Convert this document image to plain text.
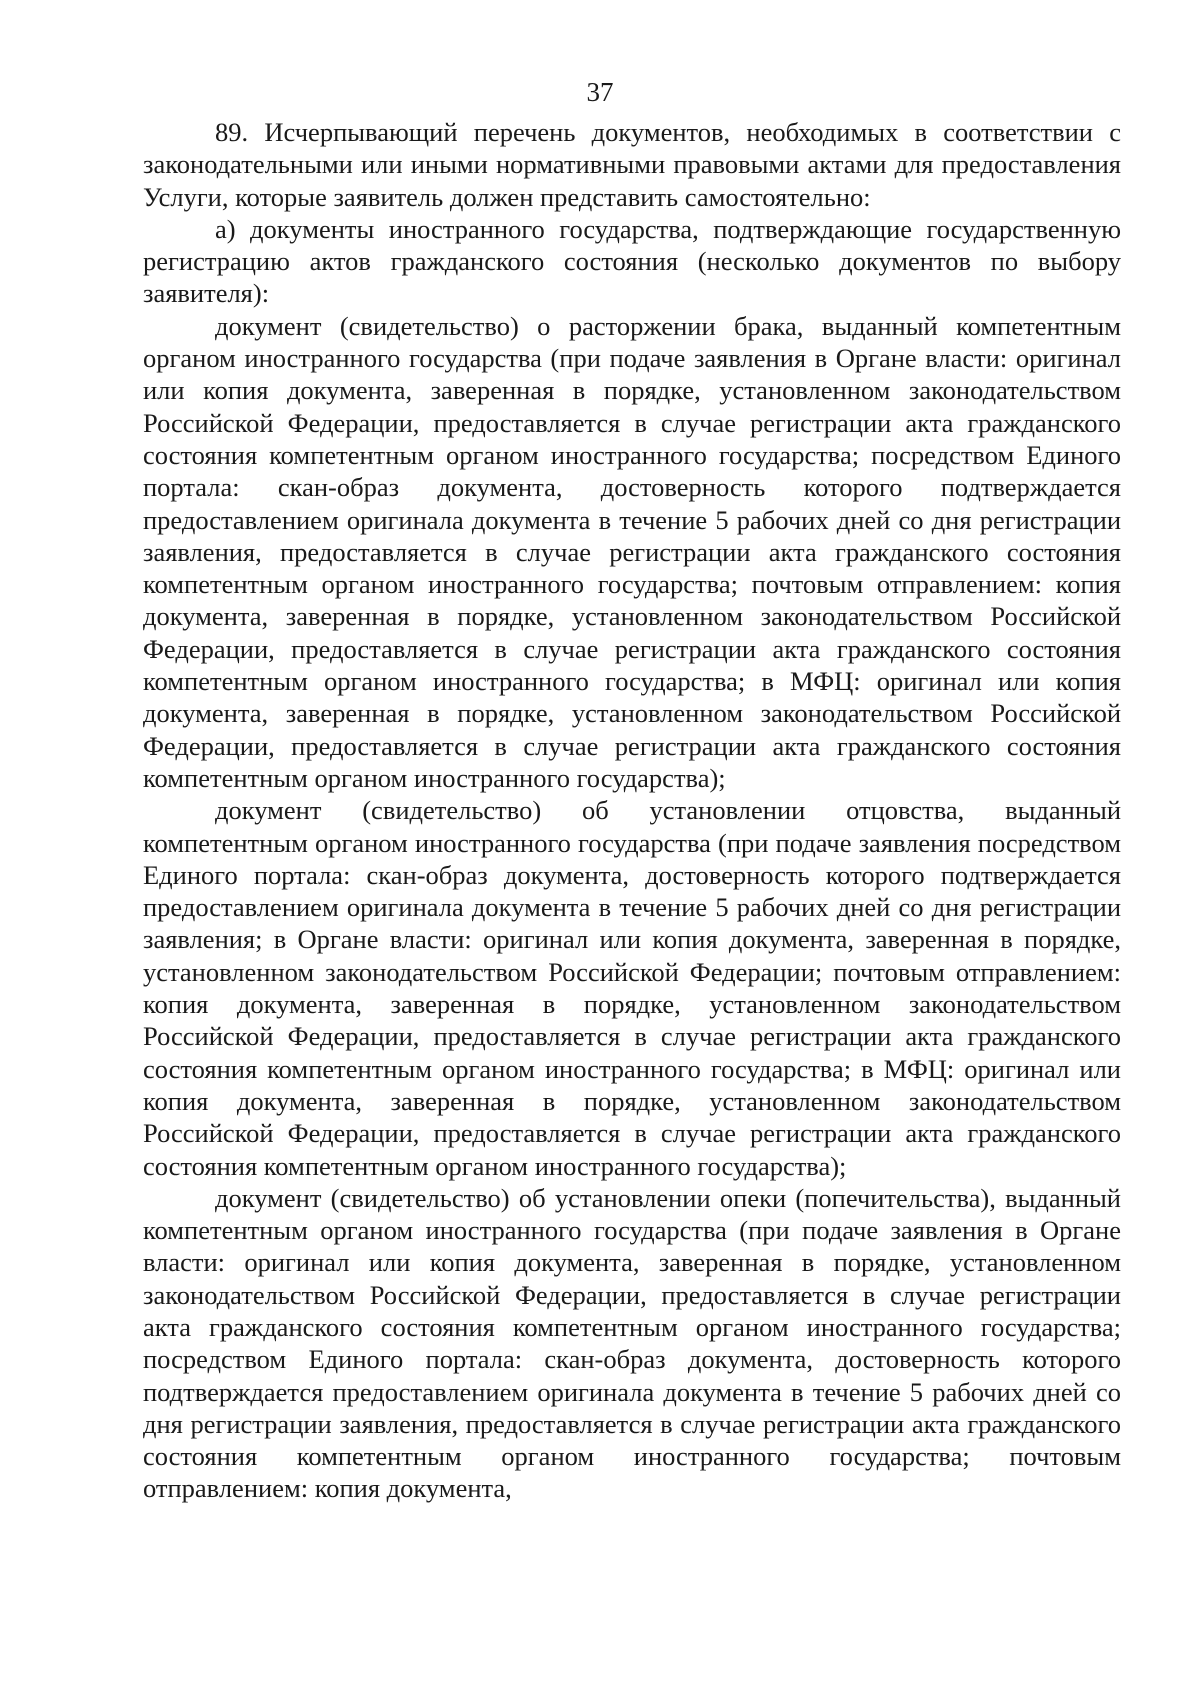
37

89. Исчерпывающий перечень документов, необходимых в соответствии с законодательными или иными нормативными правовыми актами для предоставления Услуги, которые заявитель должен представить самостоятельно:

а) документы иностранного государства, подтверждающие государственную регистрацию актов гражданского состояния (несколько документов по выбору заявителя):

документ (свидетельство) о расторжении брака, выданный компетентным органом иностранного государства (при подаче заявления в Органе власти: оригинал или копия документа, заверенная в порядке, установленном законодательством Российской Федерации, предоставляется в случае регистрации акта гражданского состояния компетентным органом иностранного государства; посредством Единого портала: скан-образ документа, достоверность которого подтверждается предоставлением оригинала документа в течение 5 рабочих дней со дня регистрации заявления, предоставляется в случае регистрации акта гражданского состояния компетентным органом иностранного государства; почтовым отправлением: копия документа, заверенная в порядке, установленном законодательством Российской Федерации, предоставляется в случае регистрации акта гражданского состояния компетентным органом иностранного государства; в МФЦ: оригинал или копия документа, заверенная в порядке, установленном законодательством Российской Федерации, предоставляется в случае регистрации акта гражданского состояния компетентным органом иностранного государства);

документ (свидетельство) об установлении отцовства, выданный компетентным органом иностранного государства (при подаче заявления посредством Единого портала: скан-образ документа, достоверность которого подтверждается предоставлением оригинала документа в течение 5 рабочих дней со дня регистрации заявления; в Органе власти: оригинал или копия документа, заверенная в порядке, установленном законодательством Российской Федерации; почтовым отправлением: копия документа, заверенная в порядке, установленном законодательством Российской Федерации, предоставляется в случае регистрации акта гражданского состояния компетентным органом иностранного государства; в МФЦ: оригинал или копия документа, заверенная в порядке, установленном законодательством Российской Федерации, предоставляется в случае регистрации акта гражданского состояния компетентным органом иностранного государства);

документ (свидетельство) об установлении опеки (попечительства), выданный компетентным органом иностранного государства (при подаче заявления в Органе власти: оригинал или копия документа, заверенная в порядке, установленном законодательством Российской Федерации, предоставляется в случае регистрации акта гражданского состояния компетентным органом иностранного государства; посредством Единого портала: скан-образ документа, достоверность которого подтверждается предоставлением оригинала документа в течение 5 рабочих дней со дня регистрации заявления, предоставляется в случае регистрации акта гражданского состояния компетентным органом иностранного государства; почтовым отправлением: копия документа,
